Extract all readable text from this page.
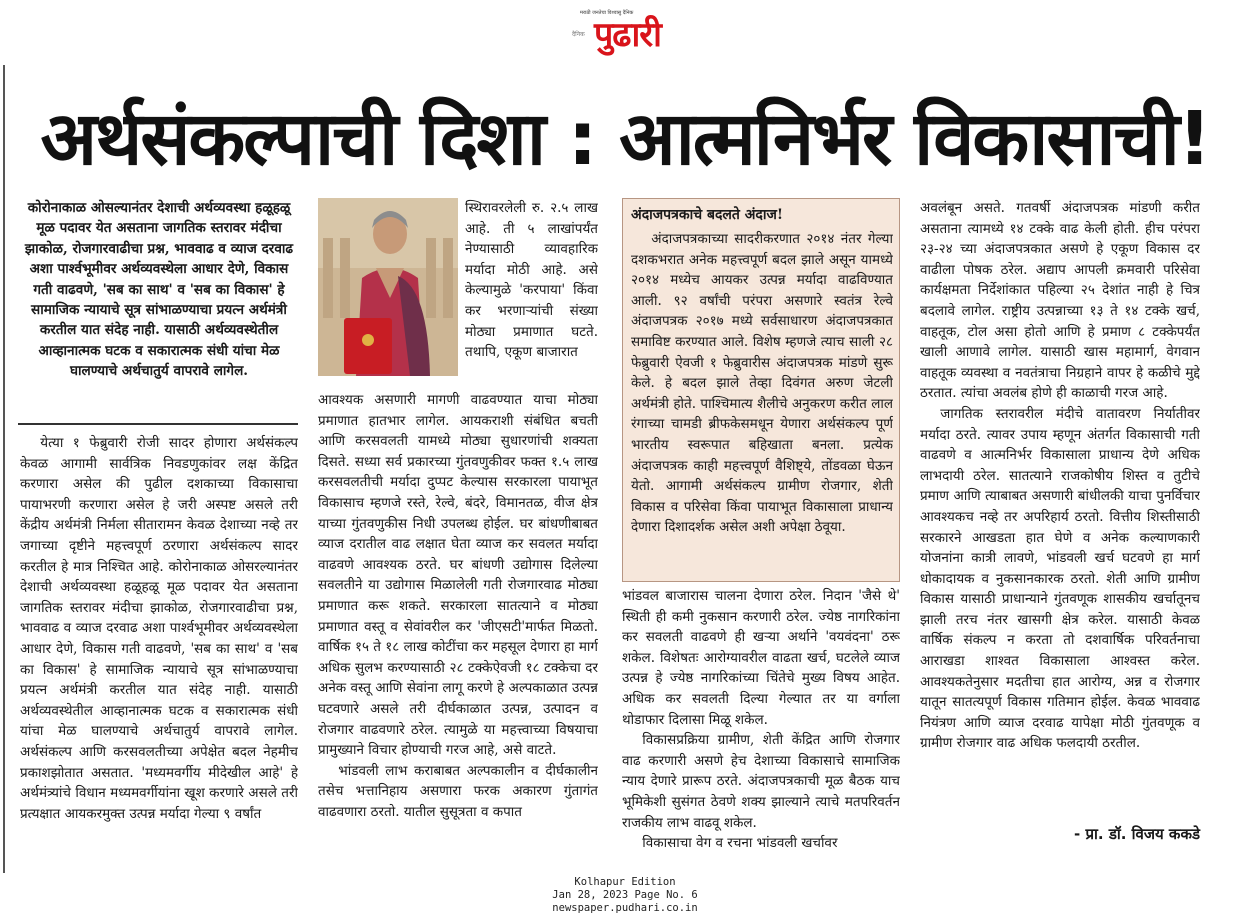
मराठी जनतेचा विश्वासु दैनिक
दैनिक पुढारी
अर्थसंकल्पाची दिशा : आत्मनिर्भर विकासाची!
कोरोनाकाळ ओसल्यानंतर देशाची अर्थव्यवस्था हळूहळू मूळ पदावर येत असताना जागतिक स्तरावर मंदीचा झाकोळ, रोजगारवाढीचा प्रश्न, भाववाढ व व्याज दरवाढ अशा पार्श्वभूमीवर अर्थव्यवस्थेला आधार देणे, विकास गती वाढवणे, 'सब का साथ' व 'सब का विकास' हे सामाजिक न्यायाचे सूत्र सांभाळण्याचा प्रयत्न अर्थमंत्री करतील यात संदेह नाही. यासाठी अर्थव्यवस्थेतील आव्हानात्मक घटक व सकारात्मक संधी यांचा मेळ घालण्याचे अर्थचातुर्य वापरावे लागेल.

येत्या १ फेब्रुवारी रोजी सादर होणारा अर्थसंकल्प केवळ आगामी सार्वत्रिक निवडणुकांवर लक्ष केंद्रित करणारा असेल की पुढील दशकाच्या विकासाचा पायाभरणी करणारा असेल हे जरी अस्पष्ट असले तरी केंद्रीय अर्थमंत्री निर्मला सीतारामन केवळ देशाच्या नव्हे तर जगाच्या दृष्टीने महत्त्वपूर्ण ठरणारा अर्थसंकल्प सादर करतील हे मात्र निश्चित आहे. कोरोनाकाळ ओसरल्यानंतर देशाची अर्थव्यवस्था हळूहळू मूळ पदावर येत असताना जागतिक स्तरावर मंदीचा झाकोळ, रोजगारवाढीचा प्रश्न, भाववाढ व व्याज दरवाढ अशा पार्श्वभूमीवर अर्थव्यवस्थेला आधार देणे, विकास गती वाढवणे, 'सब का साथ' व 'सब का विकास' हे सामाजिक न्यायाचे सूत्र सांभाळण्याचा प्रयत्न अर्थमंत्री करतील यात संदेह नाही. यासाठी अर्थव्यवस्थेतील आव्हानात्मक घटक व सकारात्मक संधी यांचा मेळ घालण्याचे अर्थचातुर्य वापरावे लागेल. अर्थसंकल्प आणि करसवलतीच्या अपेक्षेत बदल नेहमीच प्रकाशझोतात असतात. 'मध्यमवर्गीय मीदेखील आहे' हे अर्थमंत्र्यांचे विधान मध्यमवर्गीयांना खूश करणारे असले तरी प्रत्यक्षात आयकरमुक्त उत्पन्न मर्यादा गेल्या ९ वर्षांत

स्थिरावरलेली रु. २.५ लाख आहे. ती ५ लाखांपर्यंत नेण्यासाठी व्यावहारिक मर्यादा मोठी आहे. असे केल्यामुळे 'करपाया' किंवा कर भरणाऱ्यांची संख्या मोठ्या प्रमाणात घटते. तथापि, एकूण बाजारात

आवश्यक असणारी मागणी वाढवण्यात याचा मोठ्या प्रमाणात हातभार लागेल. आयकराशी संबंधित बचती आणि करसवलती यामध्ये मोठ्या सुधारणांची शक्यता दिसते. सध्या सर्व प्रकारच्या गुंतवणुकीवर फक्त १.५ लाख करसवलतीची मर्यादा दुप्पट केल्यास सरकारला पायाभूत विकासाच म्हणजे रस्ते, रेल्वे, बंदरे, विमानतळ, वीज क्षेत्र याच्या गुंतवणुकीस निधी उपलब्ध होईल. घर बांधणीबाबत व्याज दरातील वाढ लक्षात घेता व्याज कर सवलत मर्यादा वाढवणे आवश्यक ठरते. घर बांधणी उद्योगास दिलेल्या सवलतीने या उद्योगास मिळालेली गती रोजगारवाढ मोठ्या प्रमाणात करू शकते. सरकारला सातत्याने व मोठ्या प्रमाणात वस्तू व सेवांवरील कर 'जीएसटी'मार्फत मिळतो. वार्षिक १५ ते १८ लाख कोटींचा कर महसूल देणारा हा मार्ग अधिक सुलभ करण्यासाठी २८ टक्केऐवजी १८ टक्केचा दर अनेक वस्तू आणि सेवांना लागू करणे हे अल्पकाळात उत्पन्न घटवणारे असले तरी दीर्घकाळात उत्पन्न, उत्पादन व रोजगार वाढवणारे ठरेल. त्यामुळे या महत्त्वाच्या विषयाचा प्रामुख्याने विचार होण्याची गरज आहे, असे वाटते.

भांडवली लाभ कराबाबत अल्पकालीन व दीर्घकालीन तसेच भत्तानिहाय असणारा फरक अकारण गुंतागंत वाढवणारा ठरतो. यातील सुसूत्रता व कपात

अंदाजपत्रकाचे बदलते अंदाज!

अंदाजपत्रकाच्या सादरीकरणात २०१४ नंतर गेल्या दशकभरात अनेक महत्त्वपूर्ण बदल झाले असून यामध्ये २०१४ मध्येच आयकर उत्पन्न मर्यादा वाढविण्यात आली. ९२ वर्षांची परंपरा असणारे स्वतंत्र रेल्वे अंदाजपत्रक २०१७ मध्ये सर्वसाधारण अंदाजपत्रकात समाविष्ट करण्यात आले. विशेष म्हणजे त्याच साली २८ फेब्रुवारी ऐवजी १ फेब्रुवारीस अंदाजपत्रक मांडणे सुरू केले. हे बदल झाले तेव्हा दिवंगत अरुण जेटली अर्थमंत्री होते. पाश्चिमात्य शैलीचे अनुकरण करीत लाल रंगाच्या चामडी ब्रीफकेसमधून येणारा अर्थसंकल्प पूर्ण भारतीय स्वरूपात बहिखाता बनला. प्रत्येक अंदाजपत्रक काही महत्त्वपूर्ण वैशिष्ट्ये, तोंडवळा घेऊन येतो. आगामी अर्थसंकल्प ग्रामीण रोजगार, शेती विकास व परिसेवा किंवा पायाभूत विकासाला प्राधान्य देणारा दिशादर्शक असेल अशी अपेक्षा ठेवूया.

भांडवल बाजारास चालना देणारा ठरेल. निदान 'जैसे थे' स्थिती ही कमी नुकसान करणारी ठरेल. ज्येष्ठ नागरिकांना कर सवलती वाढवणे ही खऱ्या अर्थाने 'वयवंदना' ठरू शकेल. विशेषतः आरोग्यावरील वाढता खर्च, घटलेले व्याज उत्पन्न हे ज्येष्ठ नागरिकांच्या चिंतेचे मुख्य विषय आहेत. अधिक कर सवलती दिल्या गेल्यात तर या वर्गाला थोडाफार दिलासा मिळू शकेल.

विकासप्रक्रिया ग्रामीण, शेती केंद्रित आणि रोजगार वाढ करणारी असणे हेच देशाच्या विकासाचे सामाजिक न्याय देणारे प्रारूप ठरते. अंदाजपत्रकाची मूळ बैठक याच भूमिकेशी सुसंगत ठेवणे शक्य झाल्याने त्याचे मतपरिवर्तन राजकीय लाभ वाढवू शकेल.

विकासाचा वेग व रचना भांडवली खर्चावर

अवलंबून असते. गतवर्षी अंदाजपत्रक मांडणी करीत असताना त्यामध्ये १४ टक्के वाढ केली होती. हीच परंपरा २३-२४ च्या अंदाजपत्रकात असणे हे एकूण विकास दर वाढीला पोषक ठरेल. अद्याप आपली क्रमवारी परिसेवा कार्यक्षमता निर्देशांकात पहिल्या २५ देशांत नाही हे चित्र बदलावे लागेल. राष्ट्रीय उत्पन्नाच्या १३ ते १४ टक्के खर्च, वाहतूक, टोल असा होतो आणि हे प्रमाण ८ टक्केपर्यंत खाली आणावे लागेल. यासाठी खास महामार्ग, वेगवान वाहतूक व्यवस्था व नवतंत्राचा निग्रहाने वापर हे कळीचे मुद्दे ठरतात. त्यांचा अवलंब होणे ही काळाची गरज आहे.

जागतिक स्तरावरील मंदीचे वातावरण निर्यातीवर मर्यादा ठरते. त्यावर उपाय म्हणून अंतर्गत विकासाची गती वाढवणे व आत्मनिर्भर विकासाला प्राधान्य देणे अधिक लाभदायी ठरेल. सातत्याने राजकोषीय शिस्त व तुटीचे प्रमाण आणि त्याबाबत असणारी बांधीलकी याचा पुनर्विचार आवश्यकच नव्हे तर अपरिहार्य ठरतो. वित्तीय शिस्तीसाठी सरकारने आखडता हात घेणे व अनेक कल्याणकारी योजनांना कात्री लावणे, भांडवली खर्च घटवणे हा मार्ग धोकादायक व नुकसानकारक ठरतो. शेती आणि ग्रामीण विकास यासाठी प्राधान्याने गुंतवणूक शासकीय खर्चातूनच झाली तरच नंतर खासगी क्षेत्र करेल. यासाठी केवळ वार्षिक संकल्प न करता तो दशवार्षिक परिवर्तनाचा आराखडा शाश्वत विकासाला आश्वस्त करेल. आवश्यकतेनुसार मदतीचा हात आरोग्य, अन्न व रोजगार यातून सातत्यपूर्ण विकास गतिमान होईल. केवळ भाववाढ नियंत्रण आणि व्याज दरवाढ यापेक्षा मोठी गुंतवणूक व ग्रामीण रोजगार वाढ अधिक फलदायी ठरतील.

- प्रा. डॉ. विजय ककडे
Kolhapur Edition
Jan 28, 2023 Page No. 6
newspaper.pudhari.co.in
